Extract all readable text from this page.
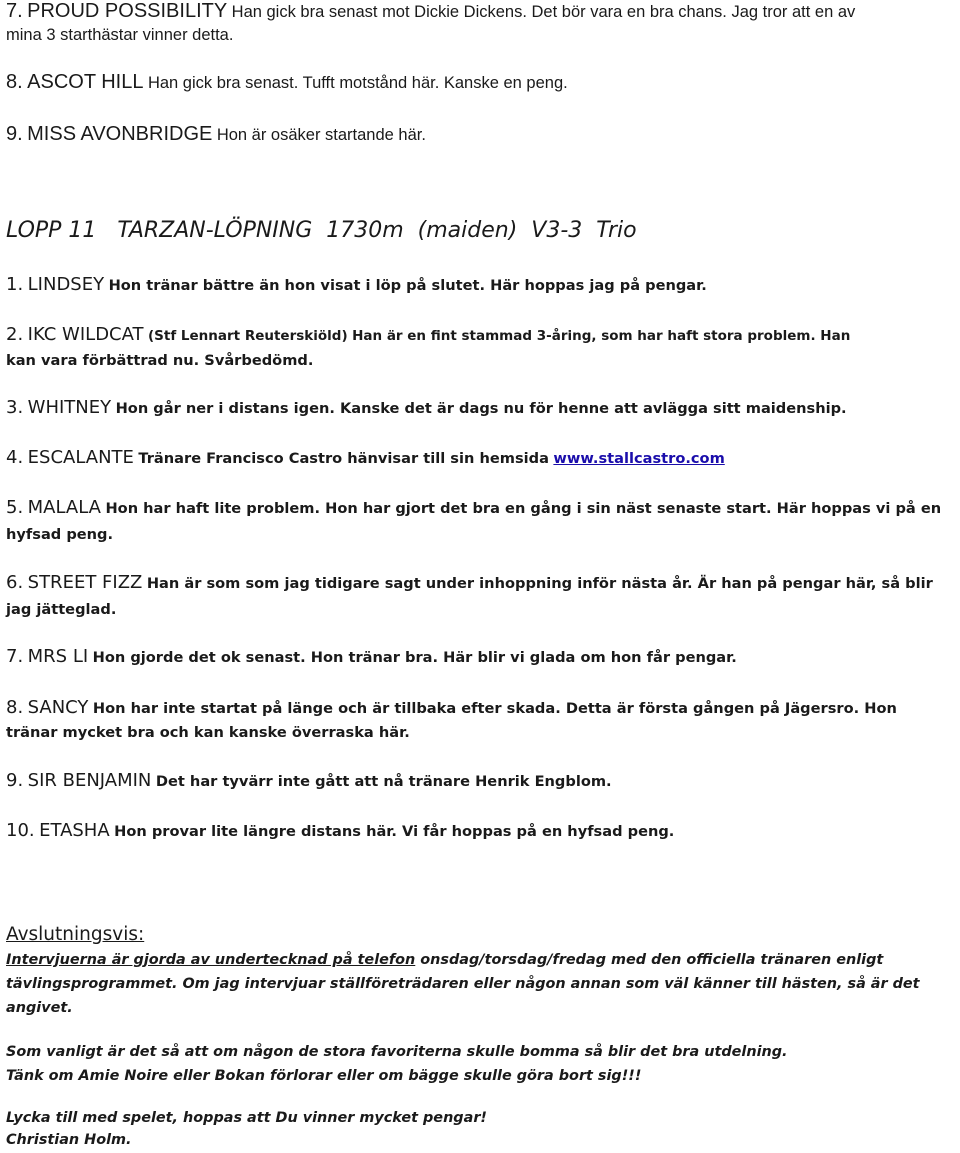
7. PROUD POSSIBILITY Han gick bra senast mot Dickie Dickens. Det bör vara en bra chans. Jag tror att en av
mina 3 starthästar vinner detta.
8. ASCOT HILL Han gick bra senast. Tufft motstånd här. Kanske en peng.
9. MISS AVONBRIDGE Hon är osäker startande här.
LOPP 11   TARZAN-LÖPNING  1730m  (maiden)  V3-3  Trio
1. LINDSEY Hon tränar bättre än hon visat i löp på slutet. Här hoppas jag på pengar.
2. IKC WILDCAT (Stf Lennart Reuterskiöld) Han är en fint stammad 3-åring, som har haft stora problem. Han
kan vara förbättrad nu. Svårbedömd.
3. WHITNEY Hon går ner i distans igen. Kanske det är dags nu för henne att avlägga sitt maidenship.
4. ESCALANTE Tränare Francisco Castro hänvisar till sin hemsida www.stallcastro.com
5. MALALA Hon har haft lite problem. Hon har gjort det bra en gång i sin näst senaste start. Här hoppas vi på en
hyfsad peng.
6. STREET FIZZ Han är som som jag tidigare sagt under inhoppning inför nästa år. Är han på pengar här, så blir
jag jätteglad.
7. MRS LI Hon gjorde det ok senast. Hon tränar bra. Här blir vi glada om hon får pengar.
8. SANCY Hon har inte startat på länge och är tillbaka efter skada. Detta är första gången på Jägersro. Hon
tränar mycket bra och kan kanske överraska här.
9. SIR BENJAMIN Det har tyvärr inte gått att nå tränare Henrik Engblom.
10. ETASHA Hon provar lite längre distans här. Vi får hoppas på en hyfsad peng.
Avslutningsvis:
Intervjuerna är gjorda av undertecknad på telefon onsdag/torsdag/fredag med den officiella tränaren enligt
tävlingsprogrammet. Om jag intervjuar ställföreträdaren eller någon annan som väl känner till hästen, så är det
angivet.
Som vanligt är det så att om någon de stora favoriterna skulle bomma så blir det bra utdelning.
Tänk om Amie Noire eller Bokan förlorar eller om bägge skulle göra bort sig!!!
Lycka till med spelet, hoppas att Du vinner mycket pengar!
Christian Holm.
